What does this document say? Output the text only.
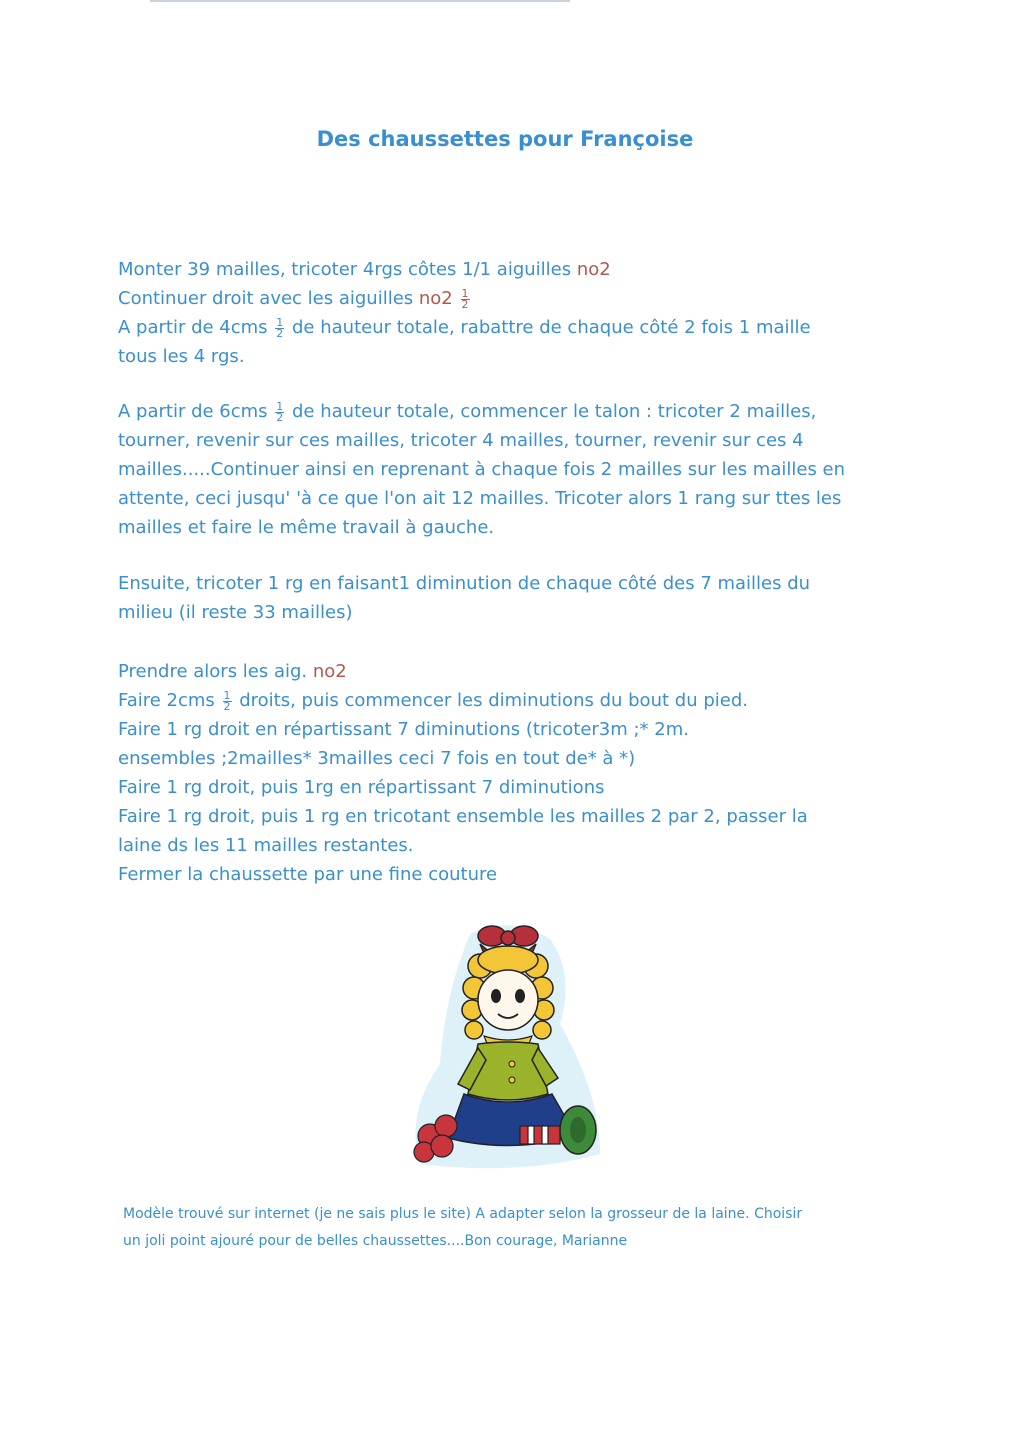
Des chaussettes pour Françoise
Monter 39 mailles, tricoter 4rgs côtes 1/1 aiguilles no2
Continuer droit avec les aiguilles $no2 \frac{1}{2}$
A partir de $4cms \frac{1}{2}$ de hauteur totale, rabattre de chaque côté 2 fois 1 maille
tous les 4 rgs.
A partir de $6cms \frac{1}{2}$ de hauteur totale, commencer le talon : tricoter 2 mailles,
tourner, revenir sur ces mailles, tricoter 4 mailles, tourner, revenir sur ces 4
mailles.....Continuer ainsi en reprenant à chaque fois 2 mailles sur les mailles en
attente, ceci jusqu' 'à ce que l'on ait 12 mailles. Tricoter alors 1 rang sur ttes les
mailles et faire le même travail à gauche.
Ensuite, tricoter 1 rg en faisant1 diminution de chaque côté des 7 mailles du
milieu (il reste 33 mailles)
Prendre alors les aig. no2
Faire $2cms \frac{1}{2}$ droits, puis commencer les diminutions du bout du pied.
Faire 1 rg droit en répartissant 7 diminutions (tricoter3m ;* 2m.
ensembles ;2mailles* 3mailles ceci 7 fois en tout de* à *)
Faire 1 rg droit, puis 1rg en répartissant 7 diminutions
Faire 1 rg droit, puis 1 rg en tricotant ensemble les mailles 2 par 2, passer la
laine ds les 11 mailles restantes.
Fermer la chaussette par une fine couture
Modèle trouvé sur internet (je ne sais plus le site) A adapter selon la grosseur de la laine. Choisir
un joli point ajouré pour de belles chaussettes....Bon courage, Marianne
